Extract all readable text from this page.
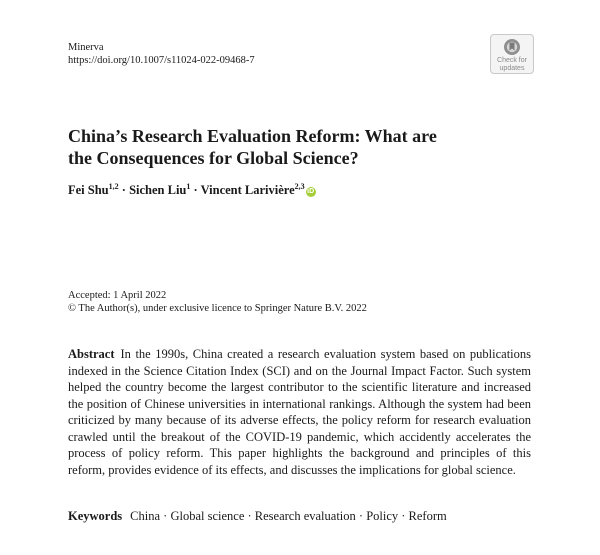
Minerva
https://doi.org/10.1007/s11024-022-09468-7	Check for
updates
China’s Research Evaluation Reform: What are
the Consequences for Global Science?
Fei Shu$^{1,2}$ · Sichen Liu$^1$ · Vincent Larivière$^{2,3}$iD
Accepted: 1 April 2022
© The Author(s), under exclusive licence to Springer Nature B.V. 2022

Abstract In the 1990s, China created a research evaluation system based on publications indexed in the Science Citation Index (SCI) and on the Journal Impact Factor. Such system helped the country become the largest contributor to the scientific literature and increased the position of Chinese universities in international rankings. Although the system had been criticized by many because of its adverse effects, the policy reform for research evaluation crawled until the breakout of the COVID-19 pandemic, which accidently accelerates the process of policy reform. This paper highlights the background and principles of this reform, provides evidence of its effects, and discusses the implications for global science.

Keywords China · Global science · Research evaluation · Policy · Reform
